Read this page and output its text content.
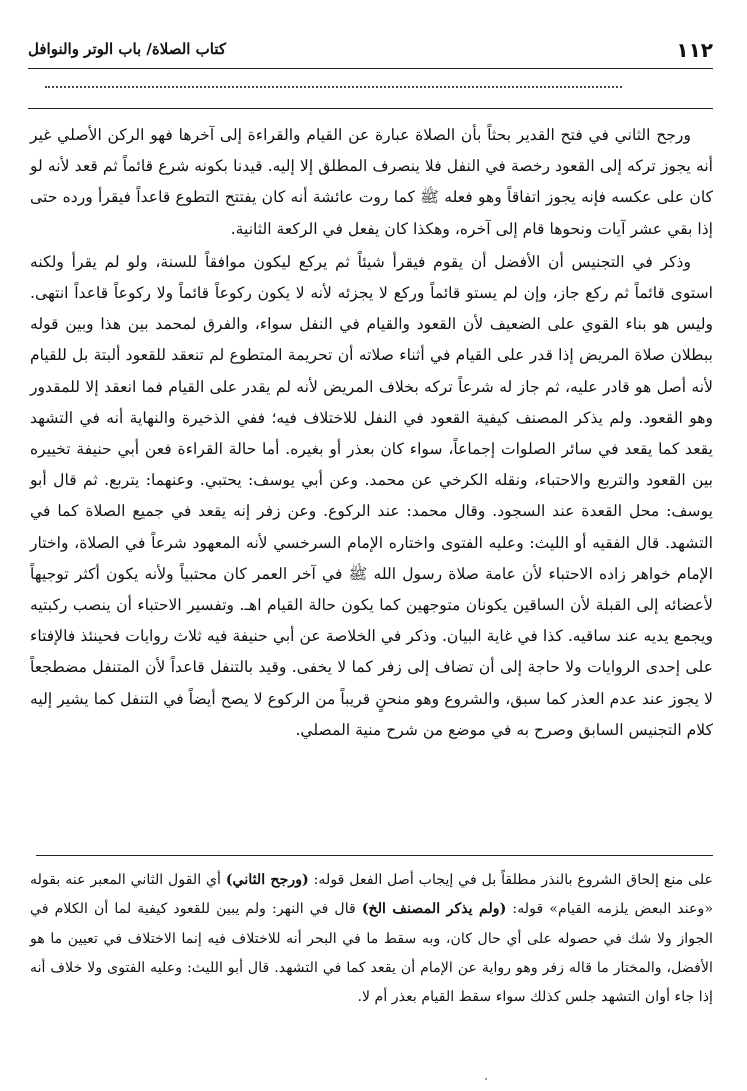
١١٢
كتاب الصلاة/ باب الوتر والنوافل

ورجح الثاني في فتح القدير بحثاً بأن الصلاة عبارة عن القيام والقراءة إلى آخرها فهو الركن الأصلي غير أنه يجوز تركه إلى القعود رخصة في النفل فلا ينصرف المطلق إلا إليه. قيدنا بكونه شرع قائماً ثم قعد لأنه لو كان على عكسه فإنه يجوز اتفاقاً وهو فعله ﷺ كما روت عائشة أنه كان يفتتح التطوع قاعداً فيقرأ ورده حتى إذا بقي عشر آيات ونحوها قام إلى آخره، وهكذا كان يفعل في الركعة الثانية.

وذكر في التجنيس أن الأفضل أن يقوم فيقرأ شيئاً ثم يركع ليكون موافقاً للسنة، ولو لم يقرأ ولكنه استوى قائماً ثم ركع جاز، وإن لم يستو قائماً وركع لا يجزئه لأنه لا يكون ركوعاً قائماً ولا ركوعاً قاعداً انتهى. وليس هو بناء القوي على الضعيف لأن القعود والقيام في النفل سواء، والفرق لمحمد بين هذا وبين قوله ببطلان صلاة المريض إذا قدر على القيام في أثناء صلاته أن تحريمة المتطوع لم تنعقد للقعود ألبتة بل للقيام لأنه أصل هو قادر عليه، ثم جاز له شرعاً تركه بخلاف المريض لأنه لم يقدر على القيام فما انعقد إلا للمقدور وهو القعود. ولم يذكر المصنف كيفية القعود في النفل للاختلاف فيه؛ ففي الذخيرة والنهاية أنه في التشهد يقعد كما يقعد في سائر الصلوات إجماعاً، سواء كان بعذر أو بغيره. أما حالة القراءة فعن أبي حنيفة تخييره بين القعود والتربع والاحتباء، ونقله الكرخي عن محمد. وعن أبي يوسف: يحتبي. وعنهما: يتربع. ثم قال أبو يوسف: محل القعدة عند السجود. وقال محمد: عند الركوع. وعن زفر إنه يقعد في جميع الصلاة كما في التشهد. قال الفقيه أو الليث: وعليه الفتوى واختاره الإمام السرخسي لأنه المعهود شرعاً في الصلاة، واختار الإمام خواهر زاده الاحتباء لأن عامة صلاة رسول الله ﷺ في آخر العمر كان محتبياً ولأنه يكون أكثر توجيهاً لأعضائه إلى القبلة لأن الساقين يكونان متوجهين كما يكون حالة القيام اهـ. وتفسير الاحتباء أن ينصب ركبتيه ويجمع يديه عند ساقيه. كذا في غاية البيان. وذكر في الخلاصة عن أبي حنيفة فيه ثلاث روايات فحينئذ فالإفتاء على إحدى الروايات ولا حاجة إلى أن تضاف إلى زفر كما لا يخفى. وقيد بالتنفل قاعداً لأن المتنفل مضطجعاً لا يجوز عند عدم العذر كما سبق، والشروع وهو منحنٍ قريباً من الركوع لا يصح أيضاً في التنفل كما يشير إليه كلام التجنيس السابق وصرح به في موضع من شرح منية المصلي.

على منع إلحاق الشروع بالنذر مطلقاً بل في إيجاب أصل الفعل قوله: (ورجح الثاني) أي القول الثاني المعبر عنه بقوله «وعند البعض يلزمه القيام» قوله: (ولم يذكر المصنف الخ) قال في النهر: ولم يبين للقعود كيفية لما أن الكلام في الجواز ولا شك في حصوله على أي حال كان، وبه سقط ما في البحر أنه للاختلاف فيه إنما الاختلاف في تعيين ما هو الأفضل، والمختار ما قاله زفر وهو رواية عن الإمام أن يقعد كما في التشهد. قال أبو الليث: وعليه الفتوى ولا خلاف أنه إذا جاء أوان التشهد جلس كذلك سواء سقط القيام بعذر أم لا.
